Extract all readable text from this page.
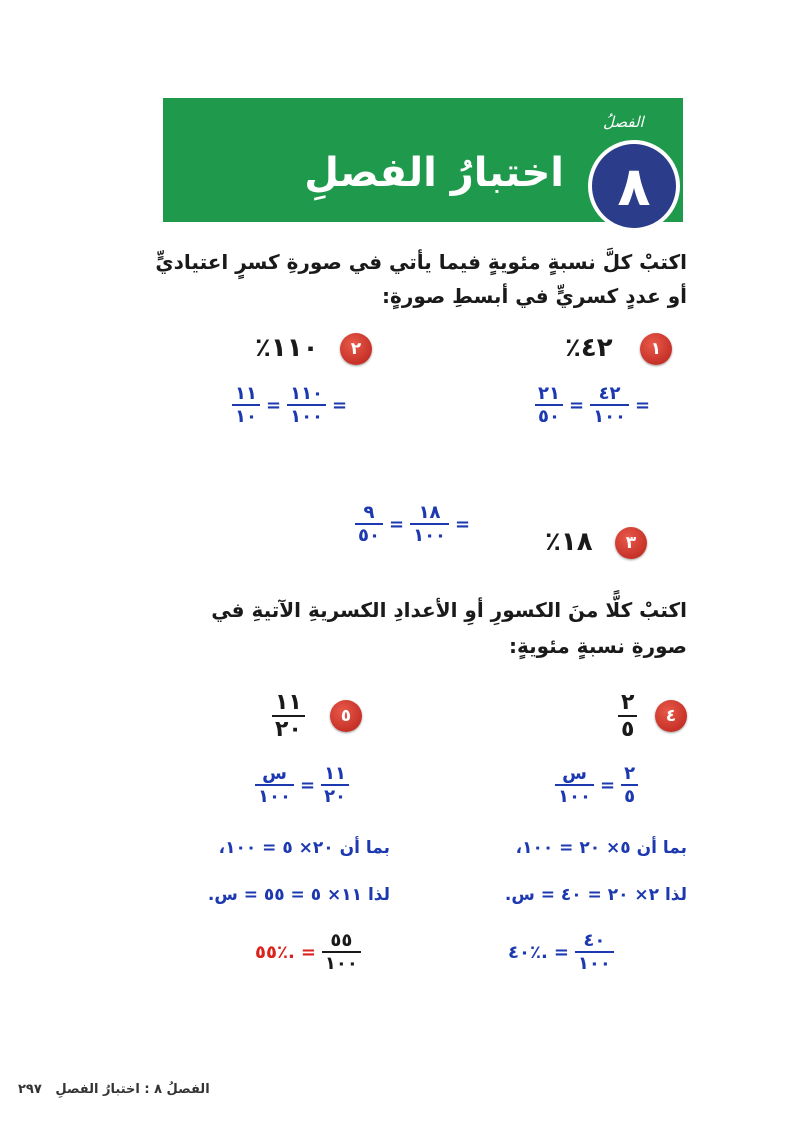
الفصلُ
٨
اختبارُ الفصلِ
اكتبْ كلَّ نسبةٍ مئويةٍ فيما يأتي في صورةِ كسرٍ اعتياديٍّ
أو عددٍ كسريٍّ في أبسطِ صورةٍ:
١
٤٢٪
$\frac{٢١}{٥٠} = \frac{٤٢}{١٠٠}$ =
٢
١١٠٪
$\frac{١١}{١٠} = \frac{١١٠}{١٠٠}$ =
٣
١٨٪
$\frac{٩}{٥٠} = \frac{١٨}{١٠٠}$ =
اكتبْ كلًّا منَ الكسورِ أوِ الأعدادِ الكسريةِ الآتيةِ في
صورةِ نسبةٍ مئويةٍ:
٤
$\frac{٢}{٥}$
$\frac{\text{س}}{١٠٠} = \frac{٢}{٥}$
بما أن ٥× ٢٠ = ١٠٠،
لذا ٢× ٢٠ = ٤٠ = س.
٤٠٪. = $\frac{٤٠}{١٠٠}$
٥
$\frac{١١}{٢٠}$
$\frac{\text{س}}{١٠٠} = \frac{١١}{٢٠}$
بما أن ٢٠× ٥ = ١٠٠،
لذا ١١× ٥ = ٥٥ = س.
٥٥٪. = $\frac{٥٥}{١٠٠}$
الفصلُ ٨ : اختبارُ الفصلِ   ٢٩٧
